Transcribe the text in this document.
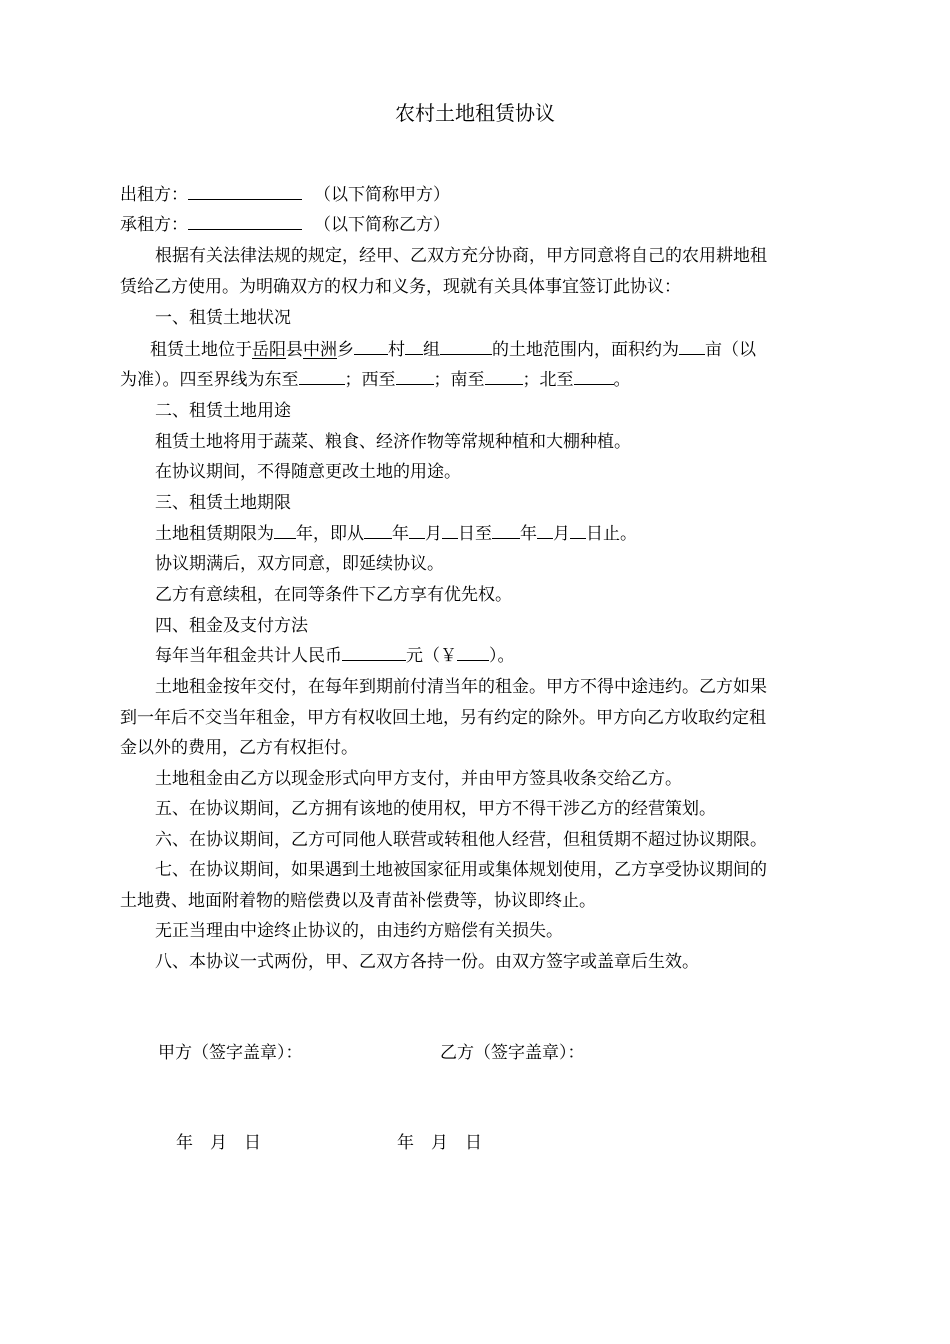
农村土地租赁协议
出租方：	（以下简称甲方）
承租方：	（以下简称乙方）
根据有关法律法规的规定，经甲、乙双方充分协商，甲方同意将自己的农用耕地租
赁给乙方使用。为明确双方的权力和义务，现就有关具体事宜签订此协议：
一、租赁土地状况
租赁土地位于岳阳县中洲乡 村 组	的土地范围内，面积约为 亩（以
为准）。四至界线为东至	；西至 ；南至 ；北至 。
二、租赁土地用途
租赁土地将用于蔬菜、粮食、经济作物等常规种植和大棚种植。
在协议期间，不得随意更改土地的用途。
三、租赁土地期限
土地租赁期限为 年，即从 年 月 日至 年 月 日止。
协议期满后，双方同意，即延续协议。
乙方有意续租，在同等条件下乙方享有优先权。
四、租金及支付方法
每年当年租金共计人民币	元（￥ ）。
土地租金按年交付，在每年到期前付清当年的租金。甲方不得中途违约。乙方如果
到一年后不交当年租金，甲方有权收回土地，另有约定的除外。甲方向乙方收取约定租
金以外的费用，乙方有权拒付。
土地租金由乙方以现金形式向甲方支付，并由甲方签具收条交给乙方。
五、在协议期间，乙方拥有该地的使用权，甲方不得干涉乙方的经营策划。
六、在协议期间，乙方可同他人联营或转租他人经营，但租赁期不超过协议期限。
七、在协议期间，如果遇到土地被国家征用或集体规划使用，乙方享受协议期间的
土地费、地面附着物的赔偿费以及青苗补偿费等，协议即终止。
无正当理由中途终止协议的，由违约方赔偿有关损失。
八、本协议一式两份，甲、乙双方各持一份。由双方签字或盖章后生效。
甲方（签字盖章）：	乙方（签字盖章）：
年　月　日	年　月　日
